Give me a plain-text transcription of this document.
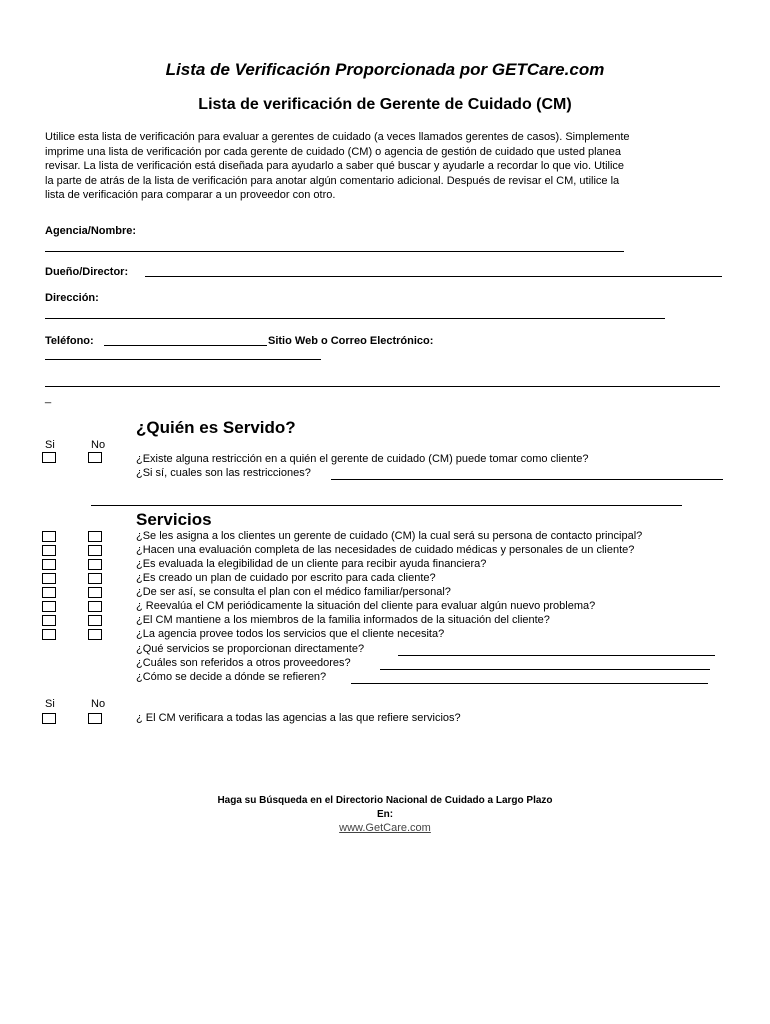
Lista de Verificación Proporcionada por GETCare.com
Lista de verificación de Gerente de Cuidado (CM)
Utilice esta lista de verificación para evaluar a gerentes de cuidado (a veces llamados gerentes de casos). Simplemente
imprime una lista de verificación por cada gerente de cuidado (CM) o agencia de gestión de cuidado que usted planea
revisar. La lista de verificación está diseñada para ayudarlo a saber qué buscar y ayudarle a recordar lo que vio. Utilice
la parte de atrás de la lista de verificación para anotar algún comentario adicional. Después de revisar el CM, utilice la
lista de verificación para comparar a un proveedor con otro.
Agencia/Nombre:
Dueño/Director:
Dirección:
Teléfono:	Sitio Web o Correo Electrónico:
_
¿Quién es Servido?
Si	No
¿Existe alguna restricción en a quién el gerente de cuidado (CM) puede tomar como cliente?
¿Si sí, cuales son las restricciones?
Servicios
¿Se les asigna a los clientes un gerente de cuidado (CM) la cual será su persona de contacto principal?
¿Hacen una evaluación completa de las necesidades de cuidado médicas y personales de un cliente?
¿Es evaluada la elegibilidad de un cliente para recibir ayuda financiera?
¿Es creado un plan de cuidado por escrito para cada cliente?
¿De ser así, se consulta el plan con el médico familiar/personal?
¿ Reevalúa el CM periódicamente la situación del cliente para evaluar algún nuevo problema?
¿El CM mantiene a los miembros de la familia informados de la situación del cliente?
¿La agencia provee todos los servicios que el cliente necesita?
¿Qué servicios se proporcionan directamente?
¿Cuáles son referidos a otros proveedores?
¿Cómo se decide a dónde se refieren?
Si	No
¿ El CM verificara a todas las agencias a las que refiere servicios?
Haga su Búsqueda en el Directorio Nacional de Cuidado a Largo Plazo
En:
www.GetCare.com
